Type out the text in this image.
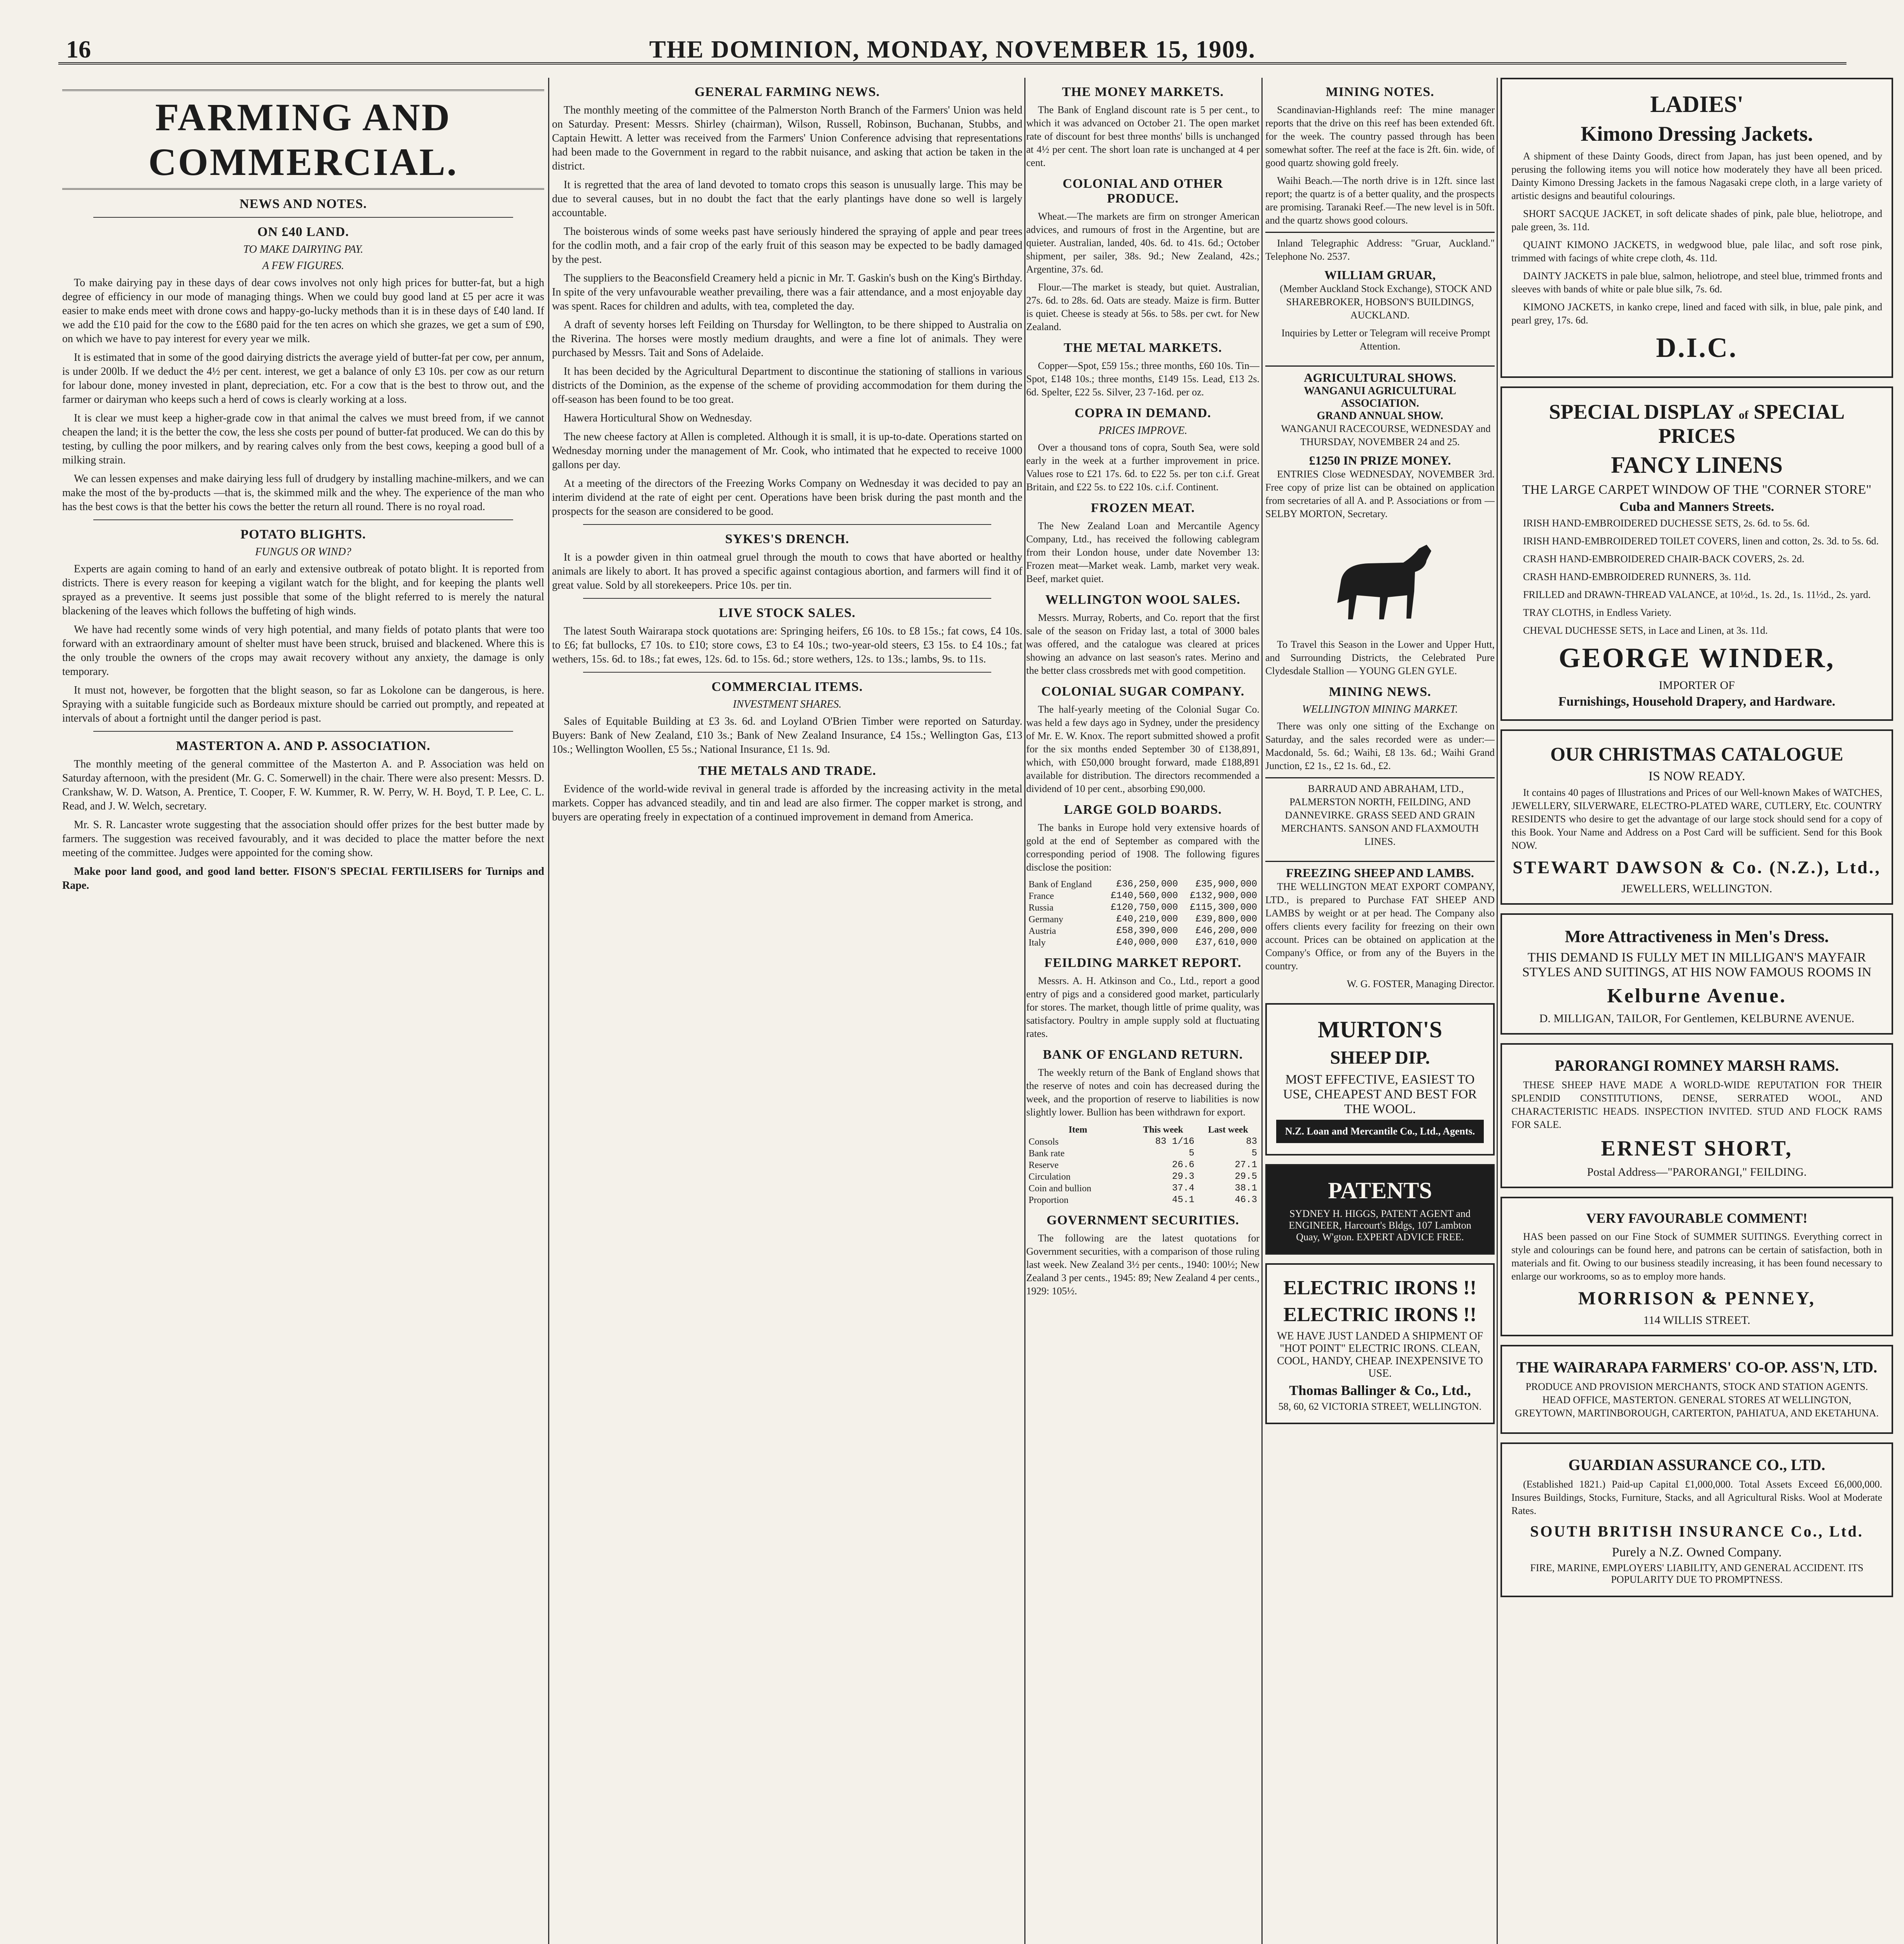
16	THE DOMINION, MONDAY, NOVEMBER 15, 1909.
FARMING AND COMMERCIAL.
NEWS AND NOTES.
ON £40 LAND.
TO MAKE DAIRYING PAY.
A FEW FIGURES.

To make dairying pay in these days of dear cows involves not only high prices for butter-fat, but a high degree of efficiency in our mode of managing things. When we could buy good land at £5 per acre it was easier to make ends meet with drone cows and happy-go-lucky methods than it is in these days of £40 land. If we add the £10 paid for the cow to the £680 paid for the ten acres on which she grazes, we get a sum of £90, on which we have to pay interest for every year we milk.

It is estimated that in some of the good dairying districts the average yield of butter-fat per cow, per annum, is under 200lb. If we deduct the 4½ per cent. interest, we get a balance of only £3 10s. per cow as our return for labour done, money invested in plant, depreciation, etc. For a cow that is the best to throw out, and the farmer or dairyman who keeps such a herd of cows is clearly working at a loss.

It is clear we must keep a higher-grade cow in that animal the calves we must breed from, if we cannot cheapen the land; it is the better the cow, the less she costs per pound of butter-fat produced. We can do this by testing, by culling the poor milkers, and by rearing calves only from the best cows, keeping a good bull of a milking strain.

We can lessen expenses and make dairying less full of drudgery by installing machine-milkers, and we can make the most of the by-products —that is, the skimmed milk and the whey. The experience of the man who has the best cows is that the better his cows the better the return all round. There is no royal road.

POTATO BLIGHTS.
FUNGUS OR WIND?

Experts are again coming to hand of an early and extensive outbreak of potato blight. It is reported from districts. There is every reason for keeping a vigilant watch for the blight, and for keeping the plants well sprayed as a preventive. It seems just possible that some of the blight referred to is merely the natural blackening of the leaves which follows the buffeting of high winds.

We have had recently some winds of very high potential, and many fields of potato plants that were too forward with an extraordinary amount of shelter must have been struck, bruised and blackened. Where this is the only trouble the owners of the crops may await recovery without any anxiety, the damage is only temporary.

It must not, however, be forgotten that the blight season, so far as Lokolone can be dangerous, is here. Spraying with a suitable fungicide such as Bordeaux mixture should be carried out promptly, and repeated at intervals of about a fortnight until the danger period is past.

MASTERTON A. AND P. ASSOCIATION.

The monthly meeting of the general committee of the Masterton A. and P. Association was held on Saturday afternoon, with the president (Mr. G. C. Somerwell) in the chair. There were also present: Messrs. D. Crankshaw, W. D. Watson, A. Prentice, T. Cooper, F. W. Kummer, R. W. Perry, W. H. Boyd, T. P. Lee, C. L. Read, and J. W. Welch, secretary.

Mr. S. R. Lancaster wrote suggesting that the association should offer prizes for the best butter made by farmers. The suggestion was received favourably, and it was decided to place the matter before the next meeting of the committee. Judges were appointed for the coming show.

Make poor land good, and good land better. FISON'S SPECIAL FERTILISERS for Turnips and Rape.

GENERAL FARMING NEWS.

The monthly meeting of the committee of the Palmerston North Branch of the Farmers' Union was held on Saturday. Present: Messrs. Shirley (chairman), Wilson, Russell, Robinson, Buchanan, Stubbs, and Captain Hewitt. A letter was received from the Farmers' Union Conference advising that representations had been made to the Government in regard to the rabbit nuisance, and asking that action be taken in the district.

It is regretted that the area of land devoted to tomato crops this season is unusually large. This may be due to several causes, but in no doubt the fact that the early plantings have done so well is largely accountable.

The boisterous winds of some weeks past have seriously hindered the spraying of apple and pear trees for the codlin moth, and a fair crop of the early fruit of this season may be expected to be badly damaged by the pest.

The suppliers to the Beaconsfield Creamery held a picnic in Mr. T. Gaskin's bush on the King's Birthday. In spite of the very unfavourable weather prevailing, there was a fair attendance, and a most enjoyable day was spent. Races for children and adults, with tea, completed the day.

A draft of seventy horses left Feilding on Thursday for Wellington, to be there shipped to Australia on the Riverina. The horses were mostly medium draughts, and were a fine lot of animals. They were purchased by Messrs. Tait and Sons of Adelaide.

It has been decided by the Agricultural Department to discontinue the stationing of stallions in various districts of the Dominion, as the expense of the scheme of providing accommodation for them during the off-season has been found to be too great.

Hawera Horticultural Show on Wednesday.

The new cheese factory at Allen is completed. Although it is small, it is up-to-date. Operations started on Wednesday morning under the management of Mr. Cook, who intimated that he expected to receive 1000 gallons per day.

At a meeting of the directors of the Freezing Works Company on Wednesday it was decided to pay an interim dividend at the rate of eight per cent. Operations have been brisk during the past month and the prospects for the season are considered to be good.

SYKES'S DRENCH.

It is a powder given in thin oatmeal gruel through the mouth to cows that have aborted or healthy animals are likely to abort. It has proved a specific against contagious abortion, and farmers will find it of great value. Sold by all storekeepers. Price 10s. per tin.

LIVE STOCK SALES.

The latest South Wairarapa stock quotations are: Springing heifers, £6 10s. to £8 15s.; fat cows, £4 10s. to £6; fat bullocks, £7 10s. to £10; store cows, £3 to £4 10s.; two-year-old steers, £3 15s. to £4 10s.; fat wethers, 15s. 6d. to 18s.; fat ewes, 12s. 6d. to 15s. 6d.; store wethers, 12s. to 13s.; lambs, 9s. to 11s.

COMMERCIAL ITEMS.
INVESTMENT SHARES.

Sales of Equitable Building at £3 3s. 6d. and Loyland O'Brien Timber were reported on Saturday. Buyers: Bank of New Zealand, £10 3s.; Bank of New Zealand Insurance, £4 15s.; Wellington Gas, £13 10s.; Wellington Woollen, £5 5s.; National Insurance, £1 1s. 9d.

THE METALS AND TRADE.

Evidence of the world-wide revival in general trade is afforded by the increasing activity in the metal markets. Copper has advanced steadily, and tin and lead are also firmer. The copper market is strong, and buyers are operating freely in expectation of a continued improvement in demand from America.

THE MONEY MARKETS.

The Bank of England discount rate is 5 per cent., to which it was advanced on October 21. The open market rate of discount for best three months' bills is unchanged at 4½ per cent. The short loan rate is unchanged at 4 per cent.

COLONIAL AND OTHER PRODUCE.

Wheat.—The markets are firm on stronger American advices, and rumours of frost in the Argentine, but are quieter. Australian, landed, 40s. 6d. to 41s. 6d.; October shipment, per sailer, 38s. 9d.; New Zealand, 42s.; Argentine, 37s. 6d.

Flour.—The market is steady, but quiet. Australian, 27s. 6d. to 28s. 6d. Oats are steady. Maize is firm. Butter is quiet. Cheese is steady at 56s. to 58s. per cwt. for New Zealand.

THE METAL MARKETS.

Copper—Spot, £59 15s.; three months, £60 10s. Tin—Spot, £148 10s.; three months, £149 15s. Lead, £13 2s. 6d. Spelter, £22 5s. Silver, 23 7-16d. per oz.

COPRA IN DEMAND.
PRICES IMPROVE.

Over a thousand tons of copra, South Sea, were sold early in the week at a further improvement in price. Values rose to £21 17s. 6d. to £22 5s. per ton c.i.f. Great Britain, and £22 5s. to £22 10s. c.i.f. Continent.

FROZEN MEAT.

The New Zealand Loan and Mercantile Agency Company, Ltd., has received the following cablegram from their London house, under date November 13: Frozen meat—Market weak. Lamb, market very weak. Beef, market quiet.

WELLINGTON WOOL SALES.

Messrs. Murray, Roberts, and Co. report that the first sale of the season on Friday last, a total of 3000 bales was offered, and the catalogue was cleared at prices showing an advance on last season's rates. Merino and the better class crossbreds met with good competition.

COLONIAL SUGAR COMPANY.

The half-yearly meeting of the Colonial Sugar Co. was held a few days ago in Sydney, under the presidency of Mr. E. W. Knox. The report submitted showed a profit for the six months ended September 30 of £138,891, which, with £50,000 brought forward, made £188,891 available for distribution. The directors recommended a dividend of 10 per cent., absorbing £90,000.

LARGE GOLD BOARDS.

The banks in Europe hold very extensive hoards of gold at the end of September as compared with the corresponding period of 1908. The following figures disclose the position:

Bank of England	£36,250,000	£35,900,000
France	£140,560,000	£132,900,000
Russia	£120,750,000	£115,300,000
Germany	£40,210,000	£39,800,000
Austria	£58,390,000	£46,200,000
Italy	£40,000,000	£37,610,000
FEILDING MARKET REPORT.

Messrs. A. H. Atkinson and Co., Ltd., report a good entry of pigs and a considered good market, particularly for stores. The market, though little of prime quality, was satisfactory. Poultry in ample supply sold at fluctuating rates.

BANK OF ENGLAND RETURN.

The weekly return of the Bank of England shows that the reserve of notes and coin has decreased during the week, and the proportion of reserve to liabilities is now slightly lower. Bullion has been withdrawn for export.

Item	This week	Last week
Consols	83 1/16	83
Bank rate	5	5
Reserve	26.6	27.1
Circulation	29.3	29.5
Coin and bullion	37.4	38.1
Proportion	45.1	46.3
GOVERNMENT SECURITIES.

The following are the latest quotations for Government securities, with a comparison of those ruling last week. New Zealand 3½ per cents., 1940: 100½; New Zealand 3 per cents., 1945: 89; New Zealand 4 per cents., 1929: 105½.

MINING NOTES.

Scandinavian-Highlands reef: The mine manager reports that the drive on this reef has been extended 6ft. for the week. The country passed through has been somewhat softer. The reef at the face is 2ft. 6in. wide, of good quartz showing gold freely.

Waihi Beach.—The north drive is in 12ft. since last report; the quartz is of a better quality, and the prospects are promising. Taranaki Reef.—The new level is in 50ft. and the quartz shows good colours.

Inland Telegraphic Address: "Gruar, Auckland." Telephone No. 2537.

WILLIAM GRUAR,

(Member Auckland Stock Exchange), STOCK AND SHAREBROKER, HOBSON'S BUILDINGS, AUCKLAND.

Inquiries by Letter or Telegram will receive Prompt Attention.

AGRICULTURAL SHOWS.
WANGANUI AGRICULTURAL ASSOCIATION.
GRAND ANNUAL SHOW.

WANGANUI RACECOURSE, WEDNESDAY and THURSDAY, NOVEMBER 24 and 25.

£1250 IN PRIZE MONEY.

ENTRIES Close WEDNESDAY, NOVEMBER 3rd. Free copy of prize list can be obtained on application from secretaries of all A. and P. Associations or from — SELBY MORTON, Secretary.

To Travel this Season in the Lower and Upper Hutt, and Surrounding Districts, the Celebrated Pure Clydesdale Stallion — YOUNG GLEN GYLE.

MINING NEWS.
WELLINGTON MINING MARKET.

There was only one sitting of the Exchange on Saturday, and the sales recorded were as under:— Macdonald, 5s. 6d.; Waihi, £8 13s. 6d.; Waihi Grand Junction, £2 1s., £2 1s. 6d., £2.

BARRAUD AND ABRAHAM, LTD., PALMERSTON NORTH, FEILDING, AND DANNEVIRKE. GRASS SEED AND GRAIN MERCHANTS. SANSON AND FLAXMOUTH LINES.

FREEZING SHEEP AND LAMBS.

THE WELLINGTON MEAT EXPORT COMPANY, LTD., is prepared to Purchase FAT SHEEP AND LAMBS by weight or at per head. The Company also offers clients every facility for freezing on their own account. Prices can be obtained on application at the Company's Office, or from any of the Buyers in the country.

W. G. FOSTER, Managing Director.

MURTON'S
SHEEP DIP.
MOST EFFECTIVE, EASIEST TO USE, CHEAPEST AND BEST FOR THE WOOL.
N.Z. Loan and Mercantile Co., Ltd., Agents.
PATENTS
SYDNEY H. HIGGS, PATENT AGENT and ENGINEER, Harcourt's Bldgs, 107 Lambton Quay, W'gton. EXPERT ADVICE FREE.
ELECTRIC IRONS !!
ELECTRIC IRONS !!
WE HAVE JUST LANDED A SHIPMENT OF "HOT POINT" ELECTRIC IRONS. CLEAN, COOL, HANDY, CHEAP. INEXPENSIVE TO USE.
Thomas Ballinger & Co., Ltd.,
58, 60, 62 VICTORIA STREET, WELLINGTON.
LADIES'
Kimono Dressing Jackets.

A shipment of these Dainty Goods, direct from Japan, has just been opened, and by perusing the following items you will notice how moderately they have all been priced. Dainty Kimono Dressing Jackets in the famous Nagasaki crepe cloth, in a large variety of artistic designs and beautiful colourings.

SHORT SACQUE JACKET, in soft delicate shades of pink, pale blue, heliotrope, and pale green, 3s. 11d.

QUAINT KIMONO JACKETS, in wedgwood blue, pale lilac, and soft rose pink, trimmed with facings of white crepe cloth, 4s. 11d.

DAINTY JACKETS in pale blue, salmon, heliotrope, and steel blue, trimmed fronts and sleeves with bands of white or pale blue silk, 7s. 6d.

KIMONO JACKETS, in kanko crepe, lined and faced with silk, in blue, pale pink, and pearl grey, 17s. 6d.

D.I.C.
SPECIAL DISPLAY of SPECIAL PRICES
FANCY LINENS
THE LARGE CARPET WINDOW OF THE "CORNER STORE"
Cuba and Manners Streets.

IRISH HAND-EMBROIDERED DUCHESSE SETS, 2s. 6d. to 5s. 6d.

IRISH HAND-EMBROIDERED TOILET COVERS, linen and cotton, 2s. 3d. to 5s. 6d.

CRASH HAND-EMBROIDERED CHAIR-BACK COVERS, 2s. 2d.

CRASH HAND-EMBROIDERED RUNNERS, 3s. 11d.

FRILLED and DRAWN-THREAD VALANCE, at 10½d., 1s. 2d., 1s. 11½d., 2s. yard.

TRAY CLOTHS, in Endless Variety.

CHEVAL DUCHESSE SETS, in Lace and Linen, at 3s. 11d.

GEORGE WINDER,
IMPORTER OF
Furnishings, Household Drapery, and Hardware.
OUR CHRISTMAS CATALOGUE
IS NOW READY.

It contains 40 pages of Illustrations and Prices of our Well-known Makes of WATCHES, JEWELLERY, SILVERWARE, ELECTRO-PLATED WARE, CUTLERY, Etc. COUNTRY RESIDENTS who desire to get the advantage of our large stock should send for a copy of this Book. Your Name and Address on a Post Card will be sufficient. Send for this Book NOW.

STEWART DAWSON & Co. (N.Z.), Ltd.,
JEWELLERS, WELLINGTON.
More Attractiveness in Men's Dress.
THIS DEMAND IS FULLY MET IN MILLIGAN'S MAYFAIR STYLES AND SUITINGS, AT HIS NOW FAMOUS ROOMS IN
Kelburne Avenue.
D. MILLIGAN, TAILOR, For Gentlemen, KELBURNE AVENUE.
PARORANGI ROMNEY MARSH RAMS.

THESE SHEEP HAVE MADE A WORLD-WIDE REPUTATION FOR THEIR SPLENDID CONSTITUTIONS, DENSE, SERRATED WOOL, AND CHARACTERISTIC HEADS. INSPECTION INVITED. STUD AND FLOCK RAMS FOR SALE.

ERNEST SHORT,
Postal Address—"PARORANGI," FEILDING.
VERY FAVOURABLE COMMENT!

HAS been passed on our Fine Stock of SUMMER SUITINGS. Everything correct in style and colourings can be found here, and patrons can be certain of satisfaction, both in materials and fit. Owing to our business steadily increasing, it has been found necessary to enlarge our workrooms, so as to employ more hands.

MORRISON & PENNEY,
114 WILLIS STREET.
THE WAIRARAPA FARMERS' CO-OP. ASS'N, LTD.

PRODUCE AND PROVISION MERCHANTS, STOCK AND STATION AGENTS. HEAD OFFICE, MASTERTON. GENERAL STORES AT WELLINGTON, GREYTOWN, MARTINBOROUGH, CARTERTON, PAHIATUA, AND EKETAHUNA.

GUARDIAN ASSURANCE CO., LTD.

(Established 1821.) Paid-up Capital £1,000,000. Total Assets Exceed £6,000,000. Insures Buildings, Stocks, Furniture, Stacks, and all Agricultural Risks. Wool at Moderate Rates.

SOUTH BRITISH INSURANCE Co., Ltd.
Purely a N.Z. Owned Company.
FIRE, MARINE, EMPLOYERS' LIABILITY, AND GENERAL ACCIDENT. ITS POPULARITY DUE TO PROMPTNESS.
